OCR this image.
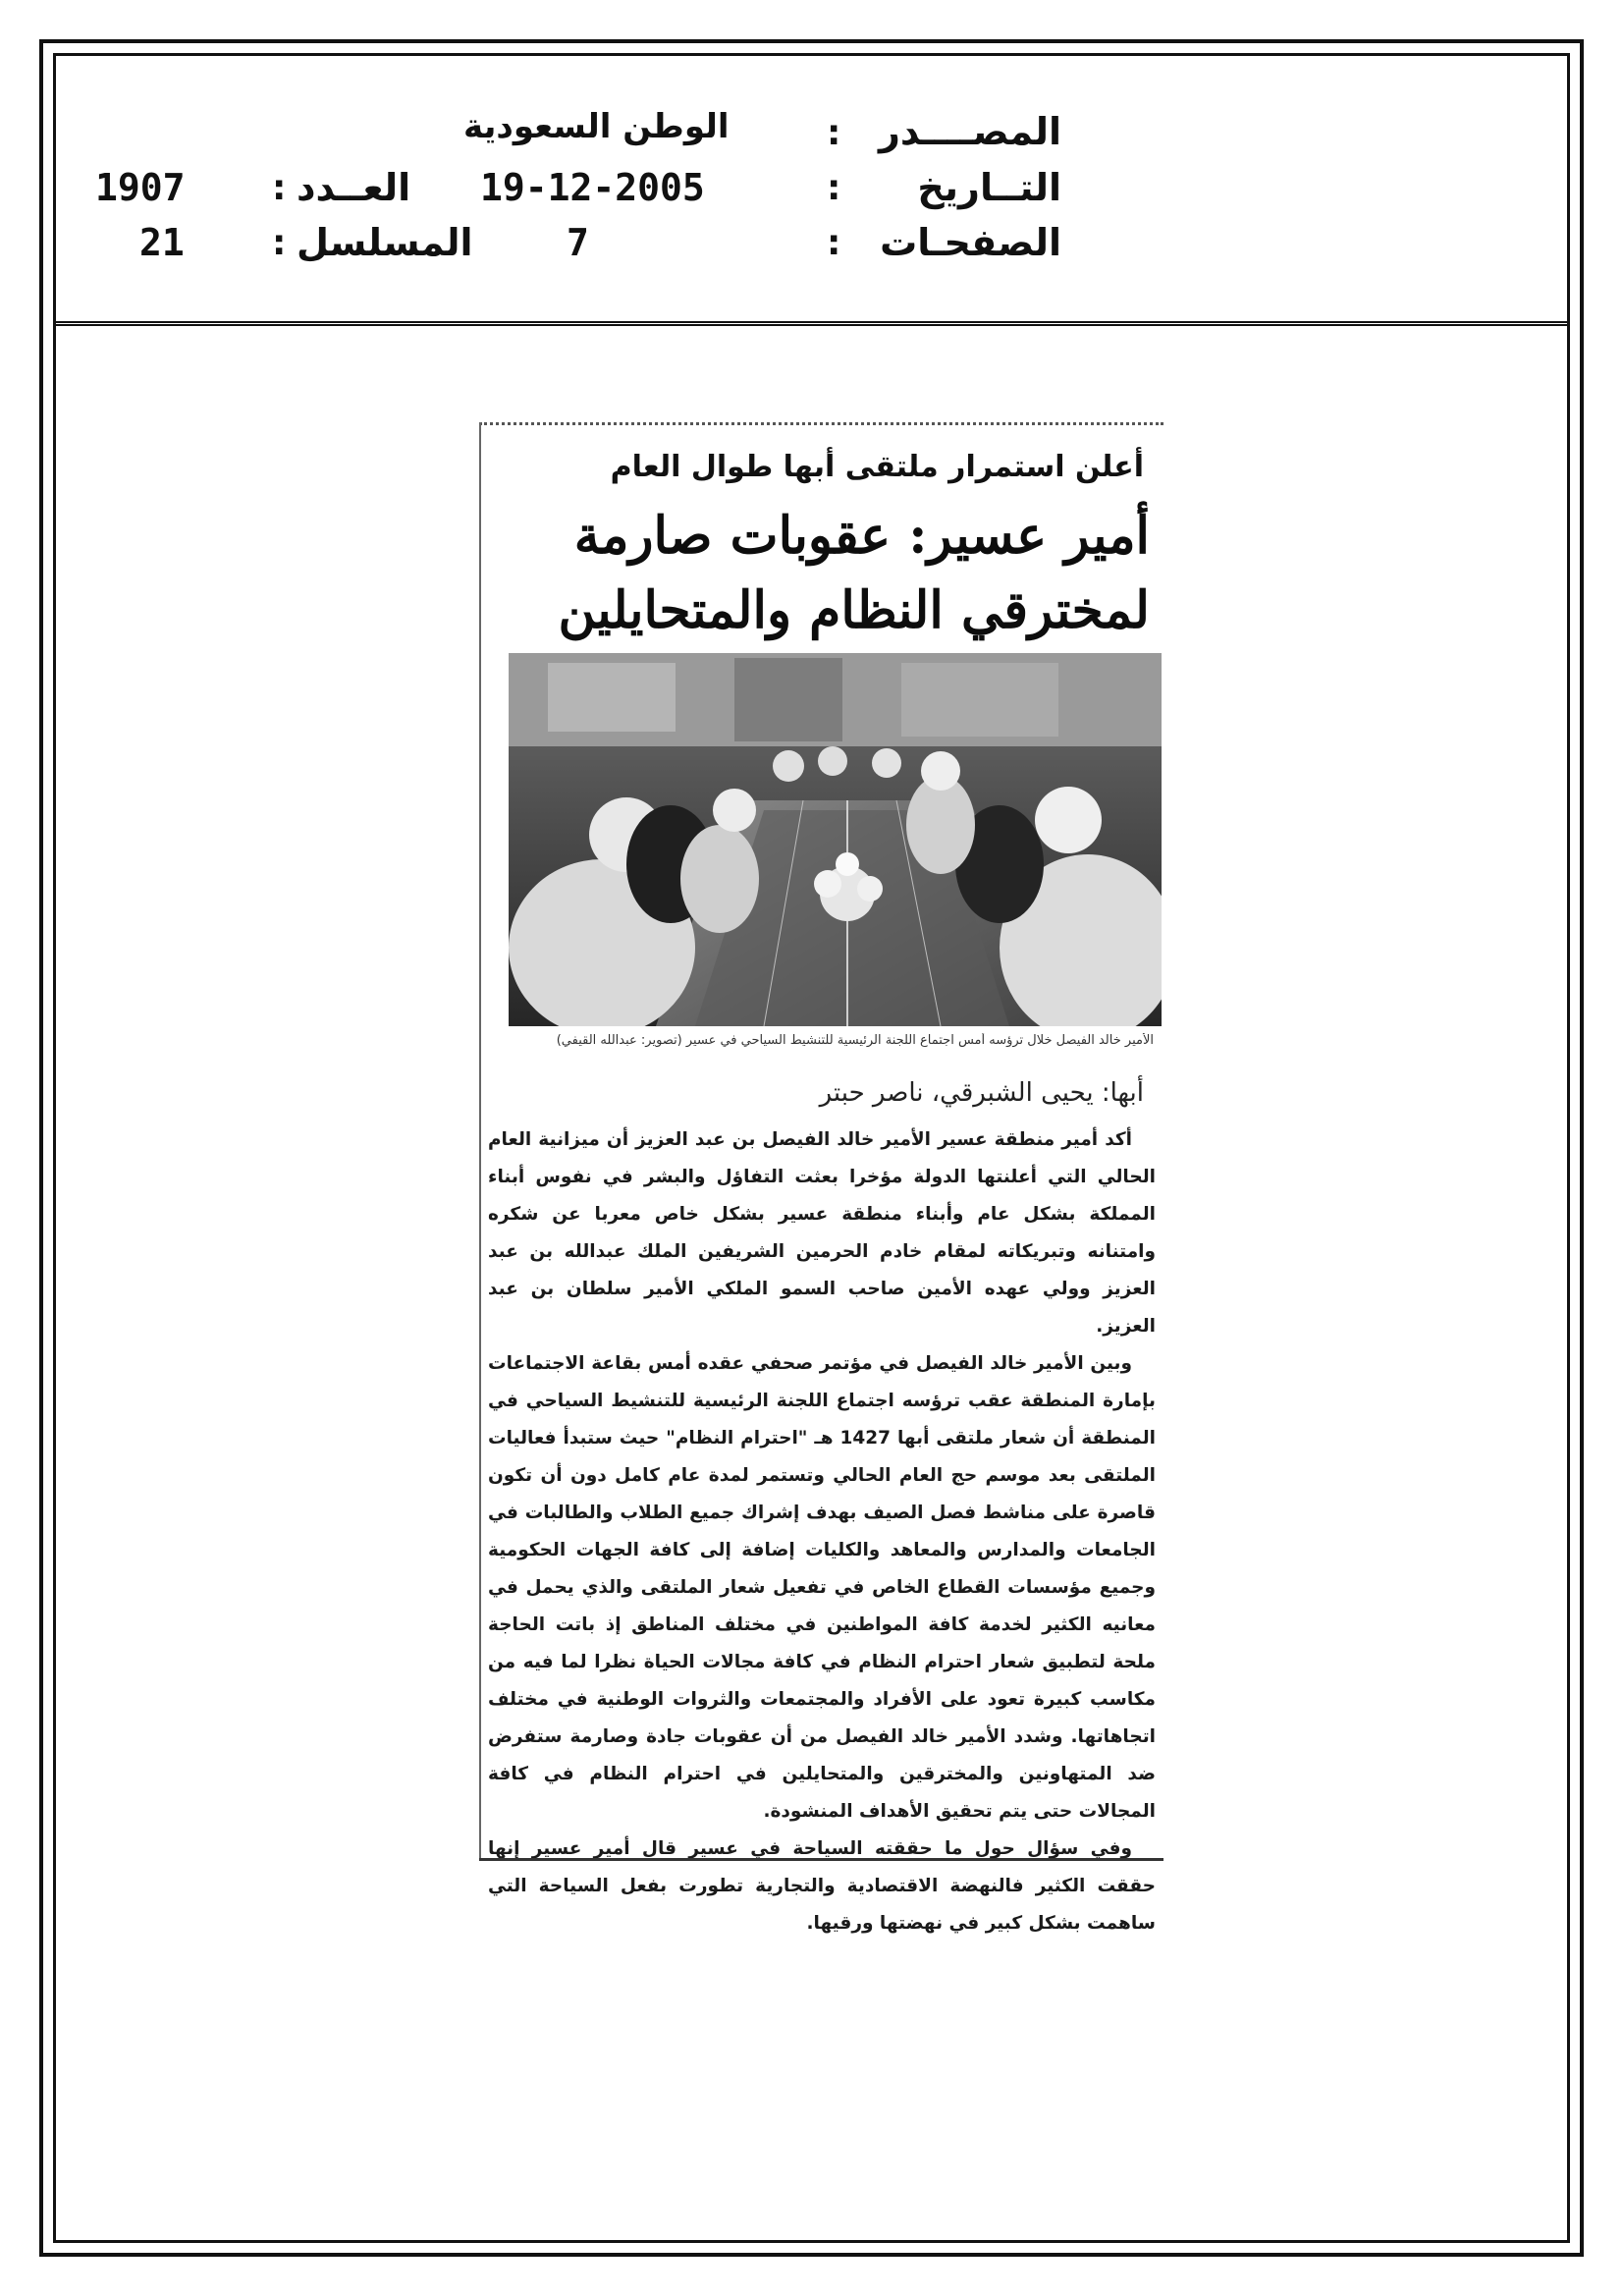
المصــــدر
التــاريخ
الصفحـات
:
:
:
الوطن السعودية
19-12-2005
7
العــدد
المسلسل
:
:
1907
21
أعلن استمرار ملتقى أبها طوال العام
أمير عسير: عقوبات صارمة لمخترقي النظام والمتحايلين
الأمير خالد الفيصل خلال ترؤسه أمس اجتماع اللجنة الرئيسية للتنشيط السياحي في عسير (تصوير: عبدالله القيفي)
أبها: يحيى الشبرقي، ناصر حبتر

أكد أمير منطقة عسير الأمير خالد الفيصل بن عبد العزيز أن ميزانية العام الحالي التي أعلنتها الدولة مؤخرا بعثت التفاؤل والبشر في نفوس أبناء المملكة بشكل عام وأبناء منطقة عسير بشكل خاص معربا عن شكره وامتنانه وتبريكاته لمقام خادم الحرمين الشريفين الملك عبدالله بن عبد العزيز وولي عهده الأمين صاحب السمو الملكي الأمير سلطان بن عبد العزيز.

وبين الأمير خالد الفيصل في مؤتمر صحفي عقده أمس بقاعة الاجتماعات بإمارة المنطقة عقب ترؤسه اجتماع اللجنة الرئيسية للتنشيط السياحي في المنطقة أن شعار ملتقى أبها 1427 هـ "احترام النظام" حيث ستبدأ فعاليات الملتقى بعد موسم حج العام الحالي وتستمر لمدة عام كامل دون أن تكون قاصرة على مناشط فصل الصيف بهدف إشراك جميع الطلاب والطالبات في الجامعات والمدارس والمعاهد والكليات إضافة إلى كافة الجهات الحكومية وجميع مؤسسات القطاع الخاص في تفعيل شعار الملتقى والذي يحمل في معانيه الكثير لخدمة كافة المواطنين في مختلف المناطق إذ باتت الحاجة ملحة لتطبيق شعار احترام النظام في كافة مجالات الحياة نظرا لما فيه من مكاسب كبيرة تعود على الأفراد والمجتمعات والثروات الوطنية في مختلف اتجاهاتها. وشدد الأمير خالد الفيصل من أن عقوبات جادة وصارمة ستفرض ضد المتهاونين والمخترقين والمتحايلين في احترام النظام في كافة المجالات حتى يتم تحقيق الأهداف المنشودة.

وفي سؤال حول ما حققته السياحة في عسير قال أمير عسير إنها حققت الكثير فالنهضة الاقتصادية والتجارية تطورت بفعل السياحة التي ساهمت بشكل كبير في نهضتها ورقيها.
